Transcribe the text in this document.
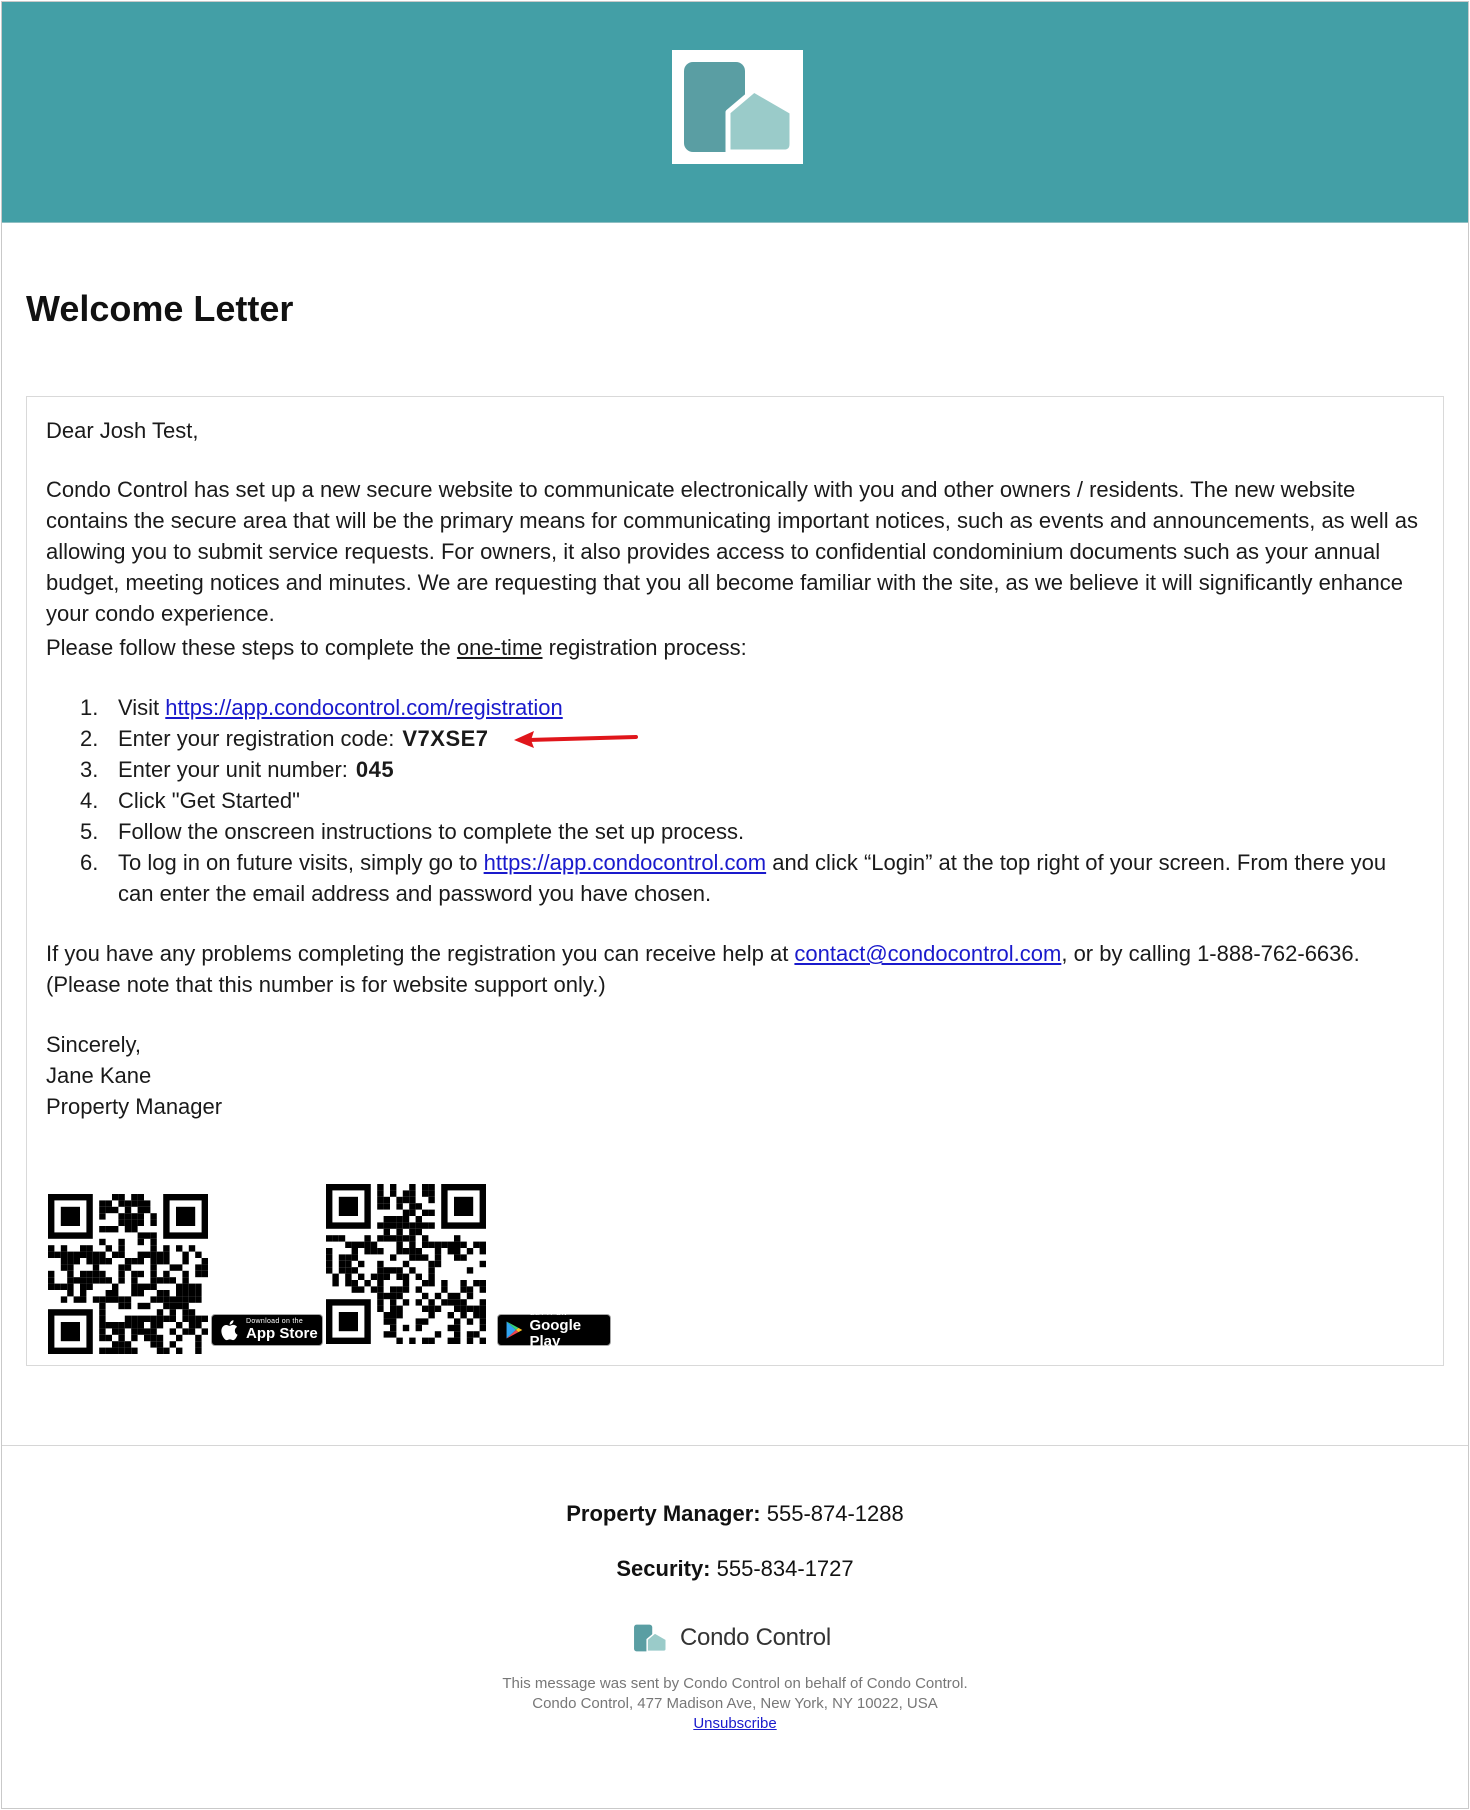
Welcome Letter

Dear Josh Test,

Condo Control has set up a new secure website to communicate electronically with you and other owners / residents. The new website contains the secure area that will be the primary means for communicating important notices, such as events and announcements, as well as allowing you to submit service requests. For owners, it also provides access to confidential condominium documents such as your annual budget, meeting notices and minutes. We are requesting that you all become familiar with the site, as we believe it will significantly enhance your condo experience.

Please follow these steps to complete the one-time registration process:

1. Visit https://app.condocontrol.com/registration
2. Enter your registration code: V7XSE7
3. Enter your unit number: 045
4. Click "Get Started"
5. Follow the onscreen instructions to complete the set up process.
6. To log in on future visits, simply go to https://app.condocontrol.com and click “Login” at the top right of your screen. From there you can enter the email address and password you have chosen.

If you have any problems completing the registration you can receive help at contact@condocontrol.com, or by calling 1-888-762-6636. (Please note that this number is for website support only.)

Sincerely,

Jane Kane

Property Manager

Download on the
App Store
GET IT ON
Google Play
Property Manager: 555-874-1288
Security: 555-834-1727
Condo Control
This message was sent by Condo Control on behalf of Condo Control.
Condo Control, 477 Madison Ave, New York, NY 10022, USA
Unsubscribe
